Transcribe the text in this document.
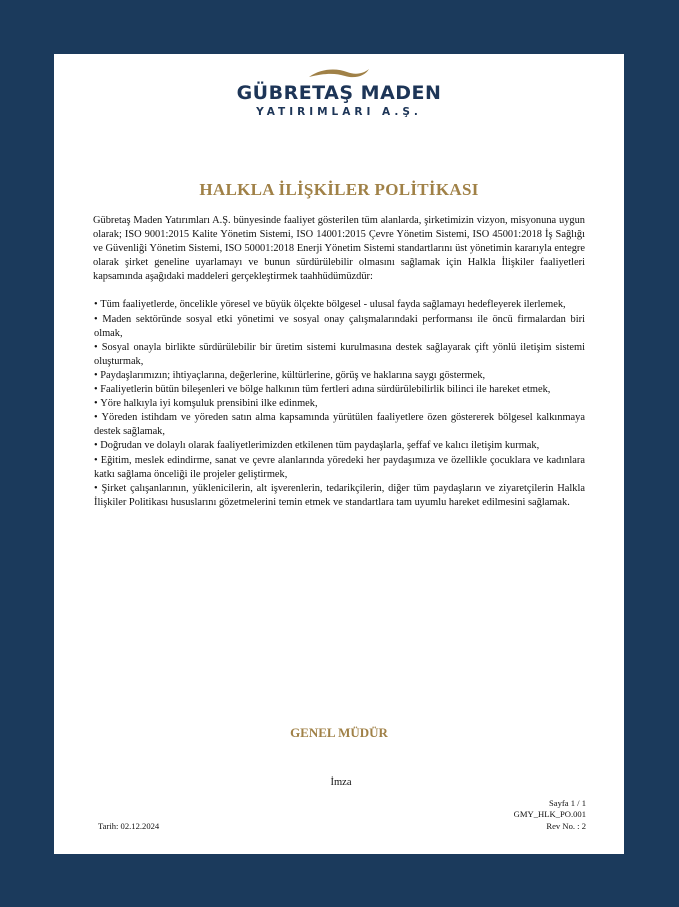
GÜBRETAŞ MADEN
YATIRIMLARI A.Ş.
HALKLA İLİŞKİLER POLİTİKASI

Gübretaş Maden Yatırımları A.Ş. bünyesinde faaliyet gösterilen tüm alanlarda, şirketimizin vizyon, misyonuna uygun olarak; ISO 9001:2015 Kalite Yönetim Sistemi, ISO 14001:2015 Çevre Yönetim Sistemi, ISO 45001:2018 İş Sağlığı ve Güvenliği Yönetim Sistemi, ISO 50001:2018 Enerji Yönetim Sistemi standartlarını üst yönetimin kararıyla entegre olarak şirket geneline uyarlamayı ve bunun sürdürülebilir olmasını sağlamak için Halkla İlişkiler faaliyetleri kapsamında aşağıdaki maddeleri gerçekleştirmek taahhüdümüzdür:

• Tüm faaliyetlerde, öncelikle yöresel ve büyük ölçekte bölgesel - ulusal fayda sağlamayı hedefleyerek ilerlemek,
• Maden sektöründe sosyal etki yönetimi ve sosyal onay çalışmalarındaki performansı ile öncü firmalardan biri olmak,
• Sosyal onayla birlikte sürdürülebilir bir üretim sistemi kurulmasına destek sağlayarak çift yönlü iletişim sistemi oluşturmak,
• Paydaşlarımızın; ihtiyaçlarına, değerlerine, kültürlerine, görüş ve haklarına saygı göstermek,
• Faaliyetlerin bütün bileşenleri ve bölge halkının tüm fertleri adına sürdürülebilirlik bilinci ile hareket etmek,
• Yöre halkıyla iyi komşuluk prensibini ilke edinmek,
• Yöreden istihdam ve yöreden satın alma kapsamında yürütülen faaliyetlere özen göstererek bölgesel kalkınmaya destek sağlamak,
• Doğrudan ve dolaylı olarak faaliyetlerimizden etkilenen tüm paydaşlarla, şeffaf ve kalıcı iletişim kurmak,
• Eğitim, meslek edindirme, sanat ve çevre alanlarında yöredeki her paydaşımıza ve özellikle çocuklara ve kadınlara katkı sağlama önceliği ile projeler geliştirmek,
• Şirket çalışanlarının, yüklenicilerin, alt işverenlerin, tedarikçilerin, diğer tüm paydaşların ve ziyaretçilerin Halkla İlişkiler Politikası hususlarını gözetmelerini temin etmek ve standartlara tam uyumlu hareket edilmesini sağlamak.
GENEL MÜDÜR
İmza
Sayfa 1 / 1
GMY_HLK_PO.001
Rev No. : 2
Tarih: 02.12.2024
